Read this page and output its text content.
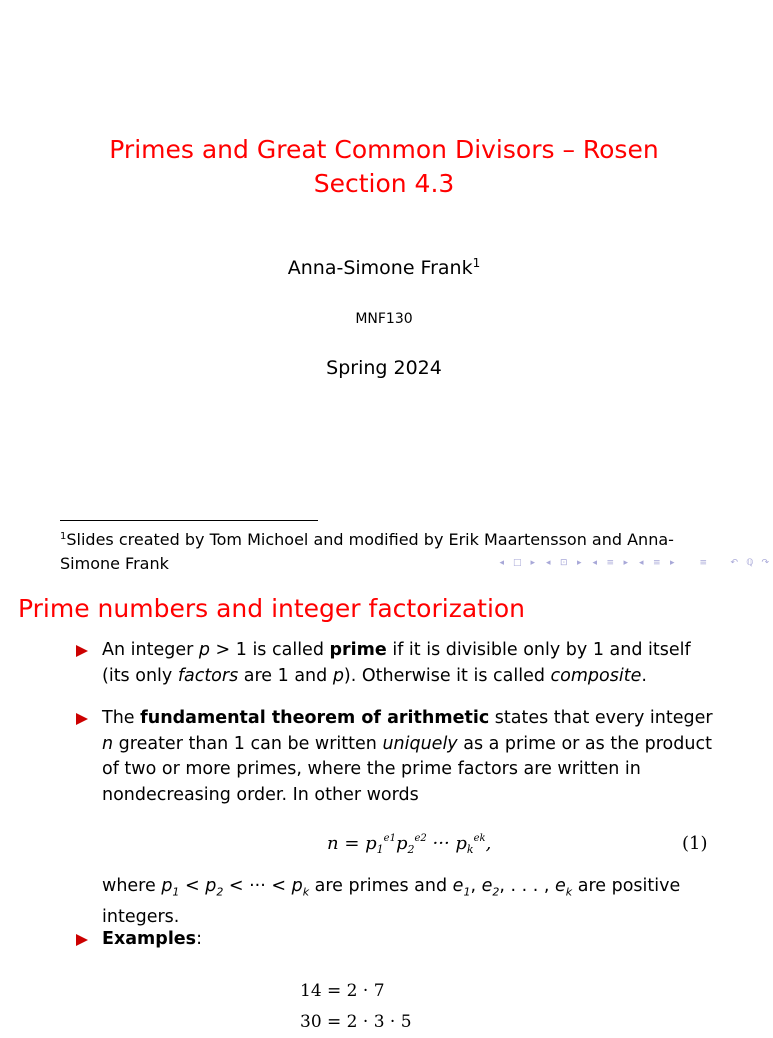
Primes and Great Common Divisors – Rosen
Section 4.3
Anna-Simone Frank$^1$
MNF130
Spring 2024
$^1$Slides created by Tom Michoel and modified by Erik Maartensson and Anna-Simone Frank	◂ □ ▸	◂	⊡	▸	◂	≡	▸	◂	≡	▸	≡	↶ ℚ ↷
Prime numbers and integer factorization
An integer p > 1 is called prime if it is divisible only by 1 and itself (its only factors are 1 and p). Otherwise it is called composite.
The fundamental theorem of arithmetic states that every integer n greater than 1 can be written uniquely as a prime or as the product of two or more primes, where the prime factors are written in nondecreasing order. In other words
$n = p_1^{e1}p_2^{e2}$ ··· $p_k^{ek}$,	(1)
where $p_1 < p_2$ < ··· < $p_k$ are primes and $e_1$, $e_2$, . . . , $e_k$ are positive integers.
Examples:
14 = 2 · 7
30 = 2 · 3 · 5
